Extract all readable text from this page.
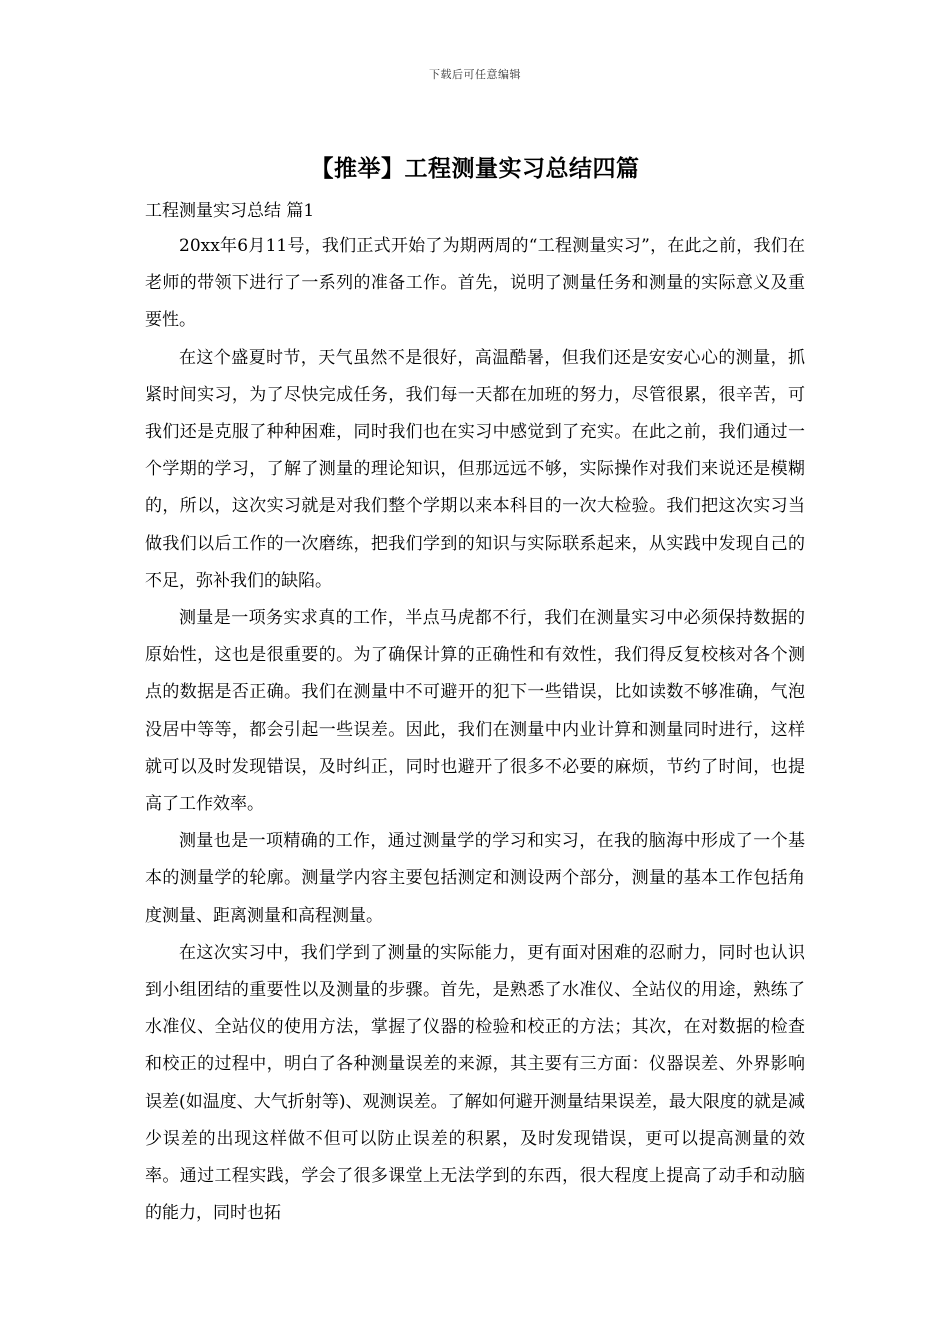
下载后可任意编辑
【推举】工程测量实习总结四篇
工程测量实习总结 篇1

20xx年6月11号，我们正式开始了为期两周的“工程测量实习”，在此之前，我们在老师的带领下进行了一系列的准备工作。首先，说明了测量任务和测量的实际意义及重要性。

在这个盛夏时节，天气虽然不是很好，高温酷暑，但我们还是安安心心的测量，抓紧时间实习，为了尽快完成任务，我们每一天都在加班的努力，尽管很累，很辛苦，可我们还是克服了种种困难，同时我们也在实习中感觉到了充实。在此之前，我们通过一个学期的学习，了解了测量的理论知识，但那远远不够，实际操作对我们来说还是模糊的，所以，这次实习就是对我们整个学期以来本科目的一次大检验。我们把这次实习当做我们以后工作的一次磨练，把我们学到的知识与实际联系起来，从实践中发现自己的不足，弥补我们的缺陷。

测量是一项务实求真的工作，半点马虎都不行，我们在测量实习中必须保持数据的原始性，这也是很重要的。为了确保计算的正确性和有效性，我们得反复校核对各个测点的数据是否正确。我们在测量中不可避开的犯下一些错误，比如读数不够准确，气泡没居中等等，都会引起一些误差。因此，我们在测量中内业计算和测量同时进行，这样就可以及时发现错误，及时纠正，同时也避开了很多不必要的麻烦，节约了时间，也提高了工作效率。

测量也是一项精确的工作，通过测量学的学习和实习，在我的脑海中形成了一个基本的测量学的轮廓。测量学内容主要包括测定和测设两个部分，测量的基本工作包括角度测量、距离测量和高程测量。

在这次实习中，我们学到了测量的实际能力，更有面对困难的忍耐力，同时也认识到小组团结的重要性以及测量的步骤。首先，是熟悉了水准仪、全站仪的用途，熟练了水准仪、全站仪的使用方法，掌握了仪器的检验和校正的方法；其次，在对数据的检查和校正的过程中，明白了各种测量误差的来源，其主要有三方面：仪器误差、外界影响误差(如温度、大气折射等)、观测误差。了解如何避开测量结果误差，最大限度的就是减少误差的出现这样做不但可以防止误差的积累，及时发现错误，更可以提高测量的效率。通过工程实践，学会了很多课堂上无法学到的东西，很大程度上提高了动手和动脑的能力，同时也拓
